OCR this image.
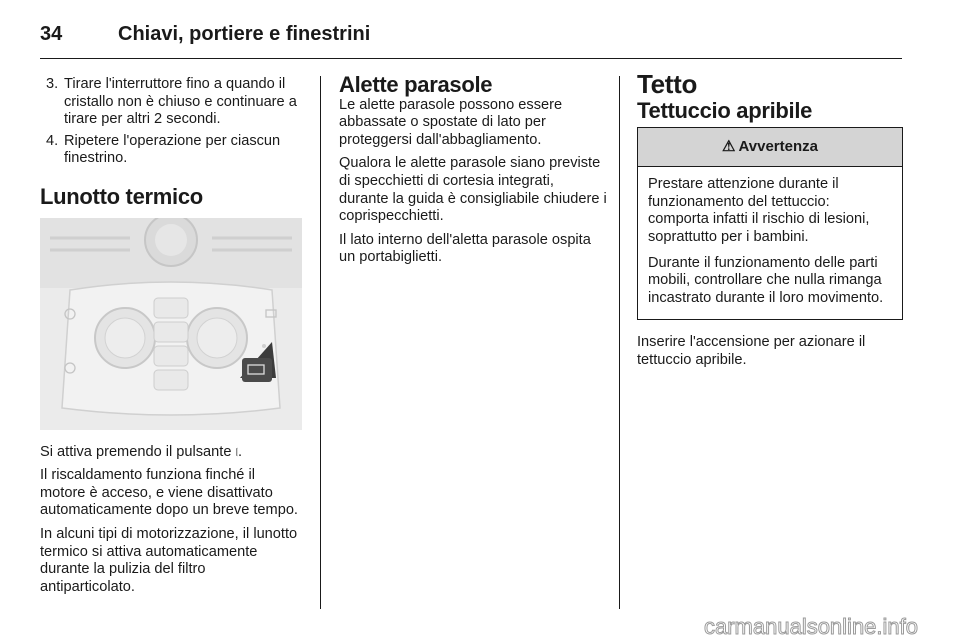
34	Chiavi, portiere e finestrini
3. Tirare l'interruttore fino a quando il cristallo non è chiuso e continuare a tirare per altri 2 secondi.
4. Ripetere l'operazione per ciascun finestrino.
Lunotto termico

Si attiva premendo il pulsante ⧙.

Il riscaldamento funziona finché il motore è acceso, e viene disattivato automaticamente dopo un breve tempo.

In alcuni tipi di motorizzazione, il lunotto termico si attiva automaticamente durante la pulizia del filtro antiparticolato.

Alette parasole

Le alette parasole possono essere abbassate o spostate di lato per proteggersi dall'abbagliamento.

Qualora le alette parasole siano previste di specchietti di cortesia integrati, durante la guida è consigliabile chiudere i coprispecchietti.

Il lato interno dell'aletta parasole ospita un portabiglietti.

Tetto
Tettuccio apribile
⚠ Avvertenza

Prestare attenzione durante il funzionamento del tettuccio: comporta infatti il rischio di lesioni, soprattutto per i bambini.

Durante il funzionamento delle parti mobili, controllare che nulla rimanga incastrato durante il loro movimento.

Inserire l'accensione per azionare il tettuccio apribile.

carmanualsonline.info
